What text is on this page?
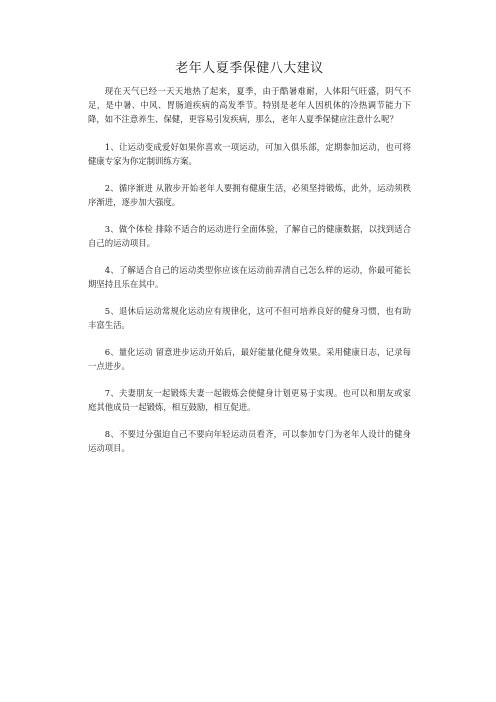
老年人夏季保健八大建议

现在天气已经一天天地热了起来，夏季，由于酷暑难耐，人体阳气旺盛，阴气不足，是中暑、中风、胃肠道疾病的高发季节。特别是老年人因机体的冷热调节能力下降，如不注意养生、保健，更容易引发疾病，那么，老年人夏季保健应注意什么呢？

1、让运动变成爱好如果你喜欢一项运动，可加入俱乐部，定期参加运动，也可将健康专家为你定制训练方案。

2、循序渐进 从散步开始老年人要拥有健康生活，必须坚持锻炼，此外，运动须秩序渐进，逐步加大强度。

3、做个体检 排除不适合的运动进行全面体验，了解自己的健康数据，以找到适合自己的运动项目。

4、了解适合自己的运动类型你应该在运动前弄清自己怎么样的运动，你最可能长期坚持且乐在其中。

5、退休后运动常规化运动应有规律化，这可不但可培养良好的健身习惯，也有助丰富生活。

6、量化运动 留意进步运动开始后，最好能量化健身效果。采用健康日志，记录每一点进步。

7、夫妻朋友一起锻炼夫妻一起锻炼会使健身计划更易于实现。也可以和朋友或家庭其他成员一起锻炼，相互鼓励，相互促进。

8、不要过分强迫自己不要向年轻运动员看齐，可以参加专门为老年人设计的健身运动项目。
